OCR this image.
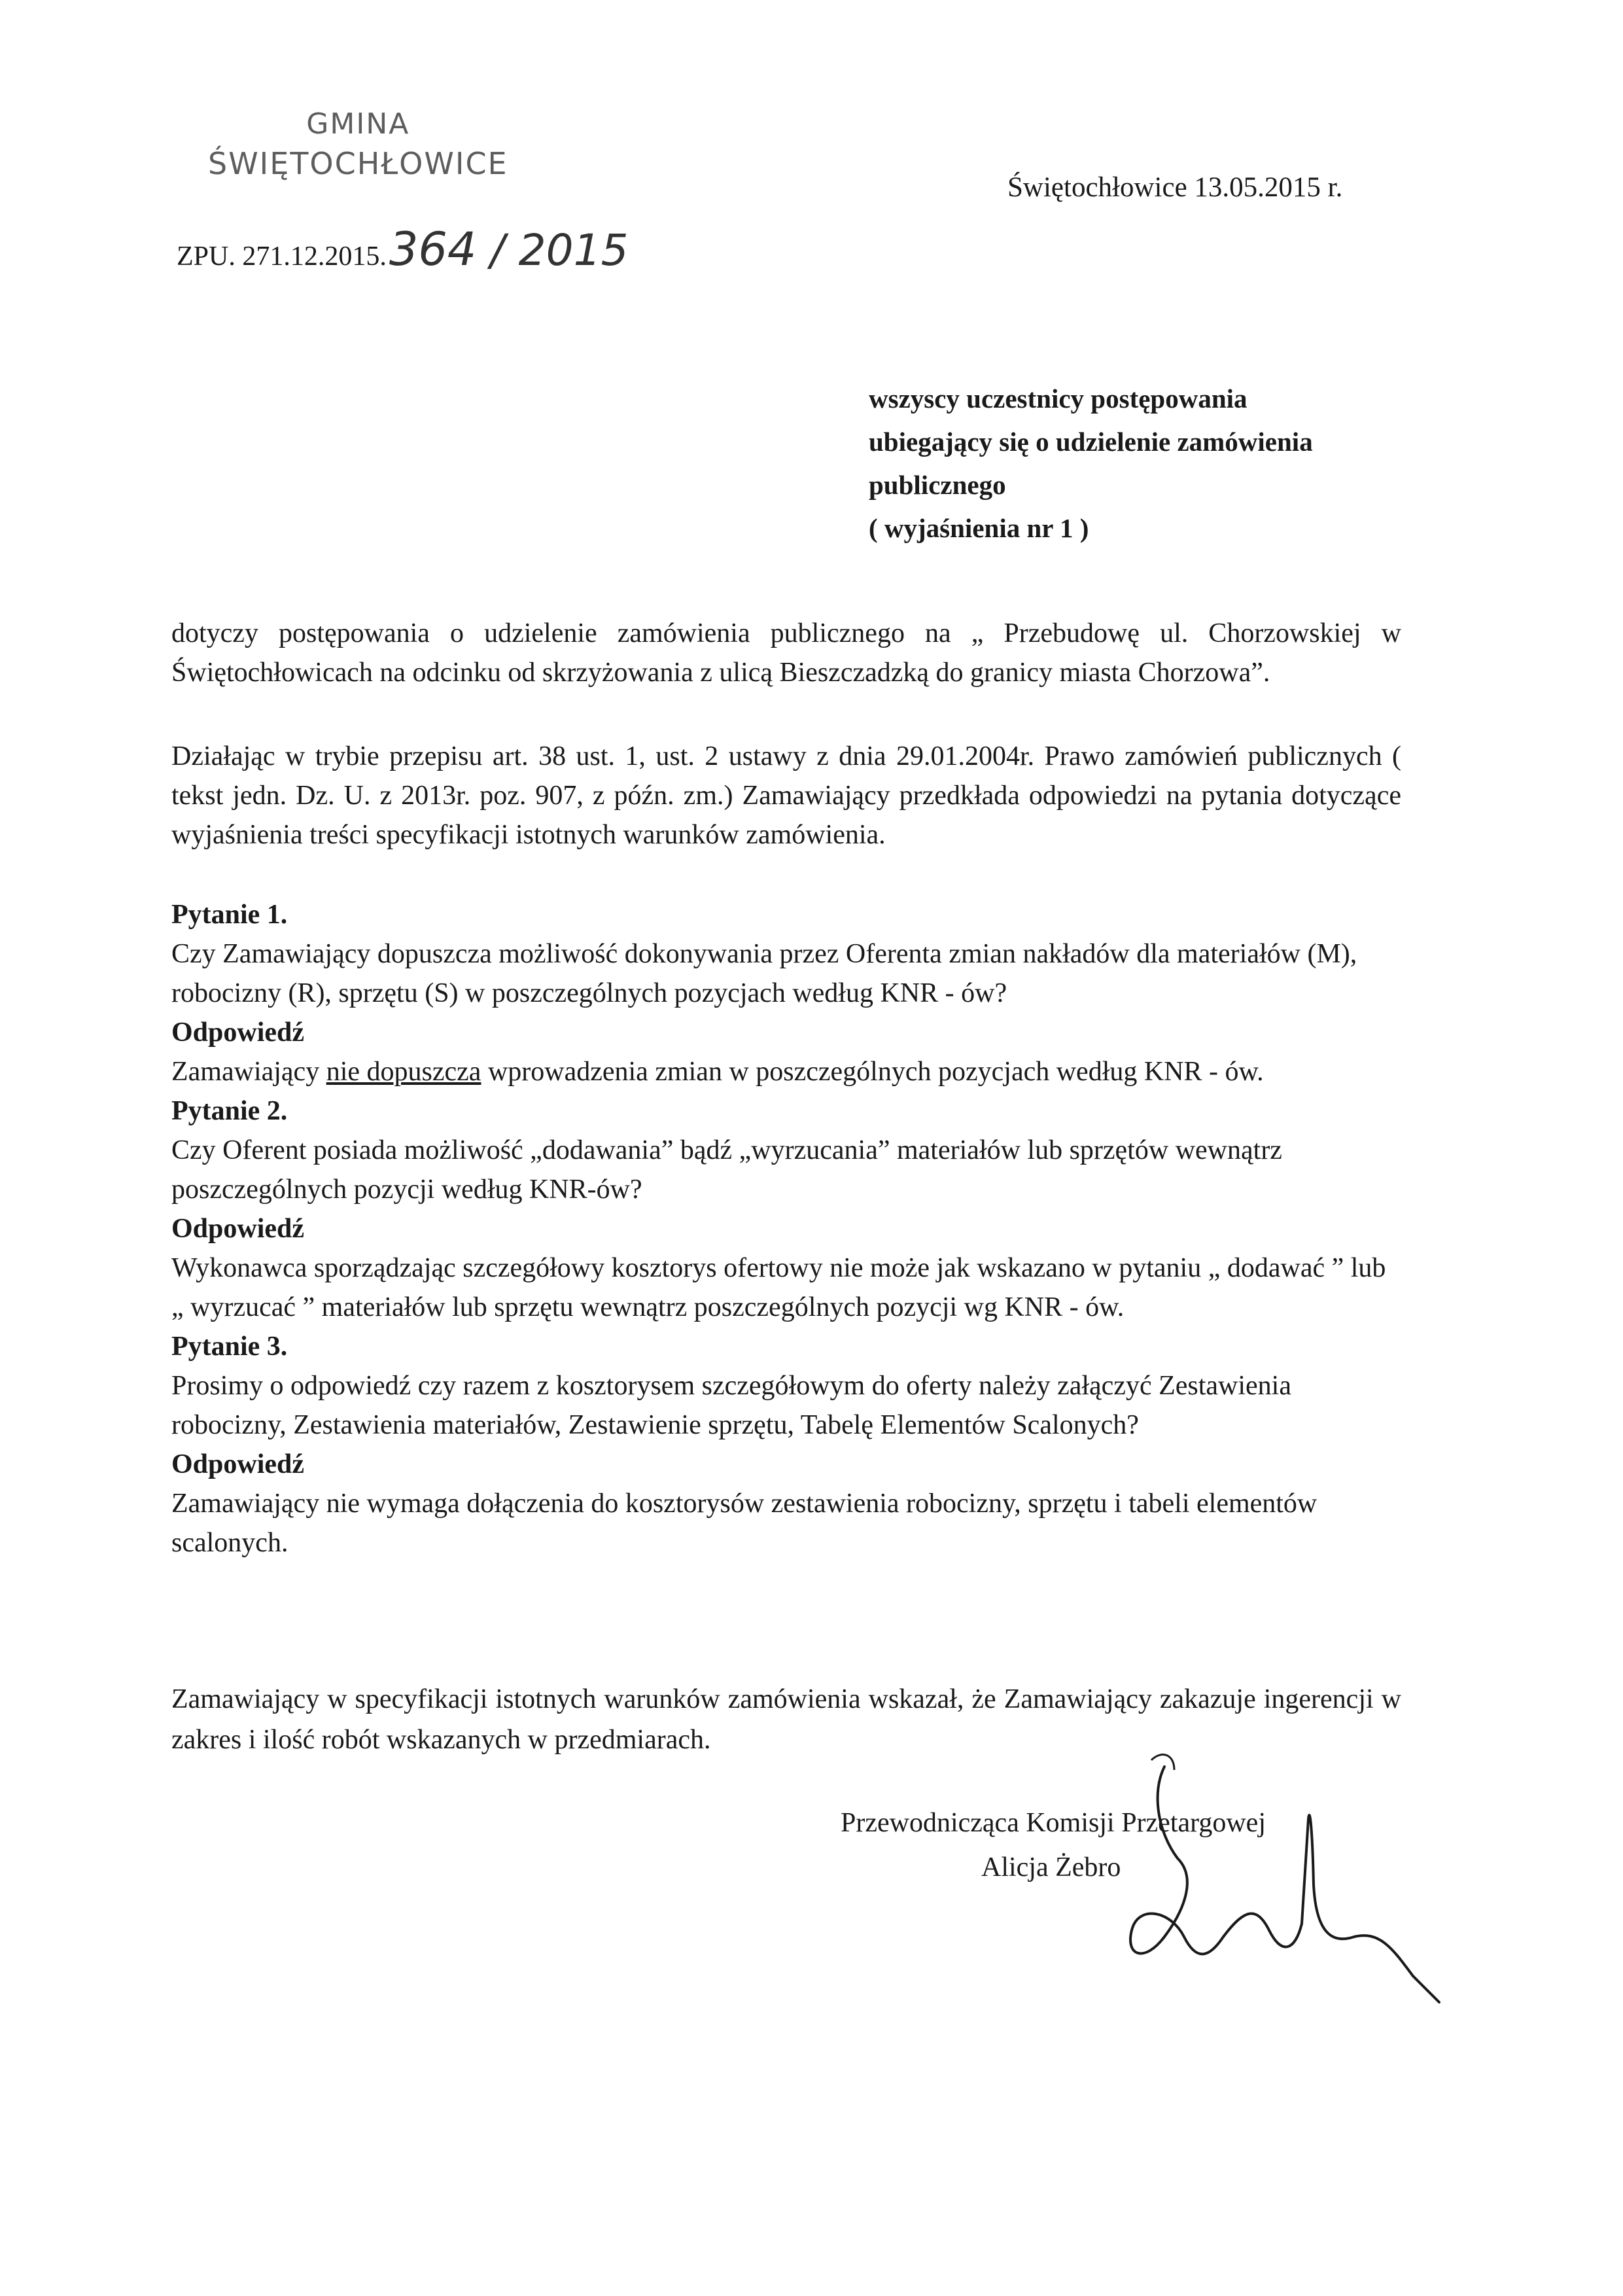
GMINA
ŚWIĘTOCHŁOWICE
ZPU. 271.12.2015.364 / 2015
Świętochłowice 13.05.2015 r.
wszyscy uczestnicy postępowania
ubiegający się o udzielenie zamówienia
publicznego
( wyjaśnienia nr 1 )

dotyczy postępowania o udzielenie zamówienia publicznego na „ Przebudowę ul. Chorzowskiej w Świętochłowicach na odcinku od skrzyżowania z ulicą Bieszczadzką do granicy miasta Chorzowa”.

Działając w trybie przepisu art. 38 ust. 1, ust. 2 ustawy z dnia 29.01.2004r. Prawo zamówień publicznych ( tekst jedn. Dz. U. z 2013r. poz. 907, z późn. zm.) Zamawiający przedkłada odpowiedzi na pytania dotyczące wyjaśnienia treści specyfikacji istotnych warunków zamówienia.

Pytanie 1.

Czy Zamawiający dopuszcza możliwość dokonywania przez Oferenta zmian nakładów dla materiałów (M), robocizny (R), sprzętu (S) w poszczególnych pozycjach według KNR - ów?

Odpowiedź

Zamawiający nie dopuszcza wprowadzenia zmian w poszczególnych pozycjach według KNR - ów.

Pytanie 2.

Czy Oferent posiada możliwość „dodawania” bądź „wyrzucania” materiałów lub sprzętów wewnątrz poszczególnych pozycji według KNR-ów?

Odpowiedź

Wykonawca sporządzając szczegółowy kosztorys ofertowy nie może jak wskazano w pytaniu „ dodawać ” lub „ wyrzucać ” materiałów lub sprzętu wewnątrz poszczególnych pozycji wg KNR - ów.

Pytanie 3.

Prosimy o odpowiedź czy razem z kosztorysem szczegółowym do oferty należy załączyć Zestawienia robocizny, Zestawienia materiałów, Zestawienie sprzętu, Tabelę Elementów Scalonych?

Odpowiedź

Zamawiający nie wymaga dołączenia do kosztorysów zestawienia robocizny, sprzętu i tabeli elementów scalonych.

Zamawiający w specyfikacji istotnych warunków zamówienia wskazał, że Zamawiający zakazuje ingerencji w zakres i ilość robót wskazanych w przedmiarach.
Przewodnicząca Komisji Przetargowej
Alicja Żebro
